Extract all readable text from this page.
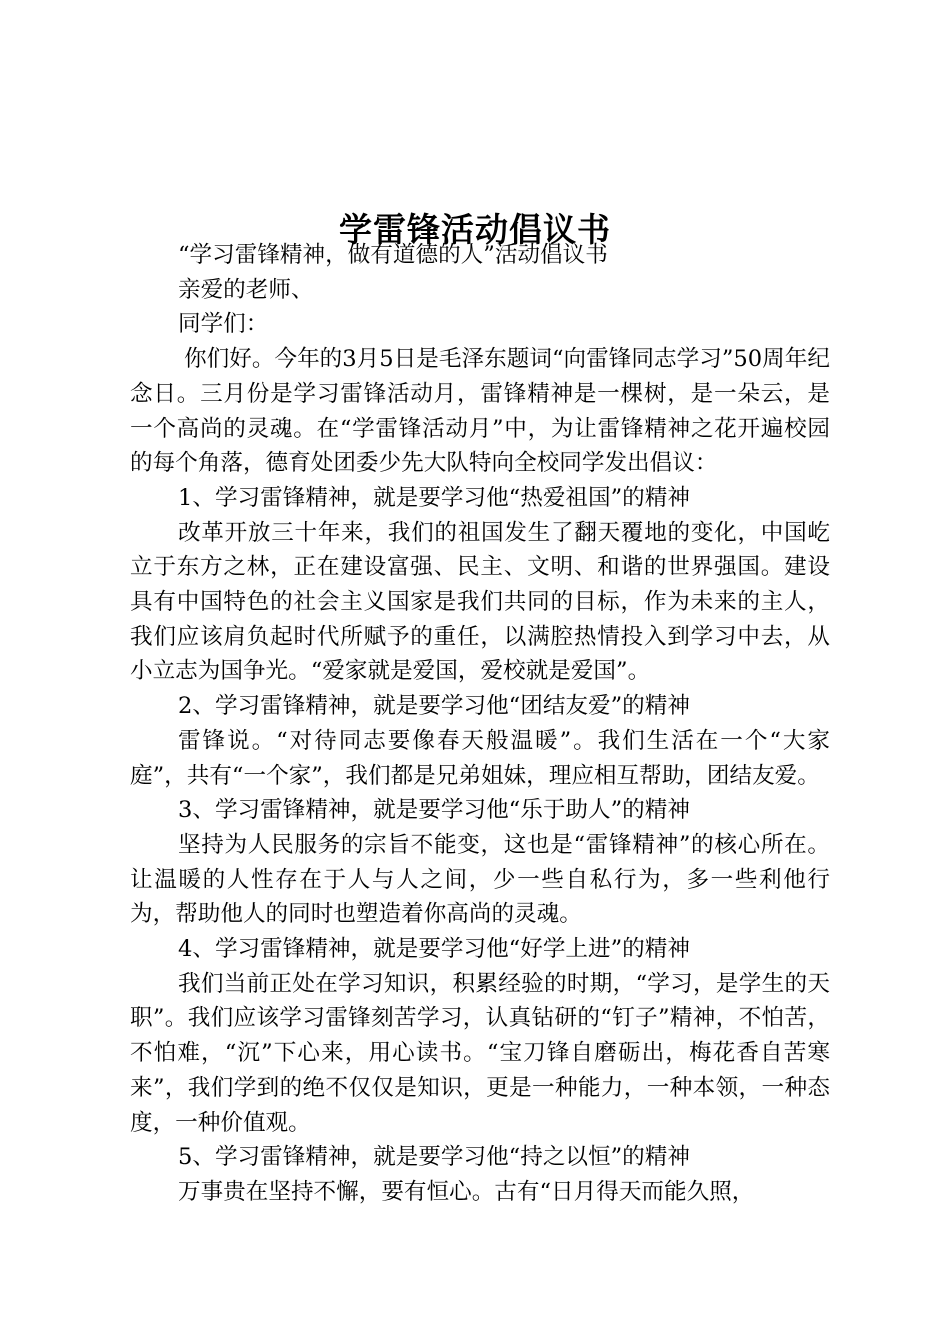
学雷锋活动倡议书

“学习雷锋精神，做有道德的人”活动倡议书

亲爱的老师、

同学们：

你们好。今年的3月5日是毛泽东题词“向雷锋同志学习”50周年纪念日。三月份是学习雷锋活动月，雷锋精神是一棵树，是一朵云，是一个高尚的灵魂。在“学雷锋活动月”中，为让雷锋精神之花开遍校园的每个角落，德育处团委少先大队特向全校同学发出倡议：

1、学习雷锋精神，就是要学习他“热爱祖国”的精神

改革开放三十年来，我们的祖国发生了翻天覆地的变化，中国屹立于东方之林，正在建设富强、民主、文明、和谐的世界强国。建设具有中国特色的社会主义国家是我们共同的目标，作为未来的主人，我们应该肩负起时代所赋予的重任，以满腔热情投入到学习中去，从小立志为国争光。“爱家就是爱国，爱校就是爱国”。

2、学习雷锋精神，就是要学习他“团结友爱”的精神

雷锋说。“对待同志要像春天般温暖”。我们生活在一个“大家庭”，共有“一个家”，我们都是兄弟姐妹，理应相互帮助，团结友爱。

3、学习雷锋精神，就是要学习他“乐于助人”的精神

坚持为人民服务的宗旨不能变，这也是“雷锋精神”的核心所在。让温暖的人性存在于人与人之间，少一些自私行为，多一些利他行为，帮助他人的同时也塑造着你高尚的灵魂。

4、学习雷锋精神，就是要学习他“好学上进”的精神

我们当前正处在学习知识，积累经验的时期，“学习，是学生的天职”。我们应该学习雷锋刻苦学习，认真钻研的“钉子”精神，不怕苦，不怕难，“沉”下心来，用心读书。“宝刀锋自磨砺出，梅花香自苦寒来”，我们学到的绝不仅仅是知识，更是一种能力，一种本领，一种态度，一种价值观。

5、学习雷锋精神，就是要学习他“持之以恒”的精神

万事贵在坚持不懈，要有恒心。古有“日月得天而能久照，
